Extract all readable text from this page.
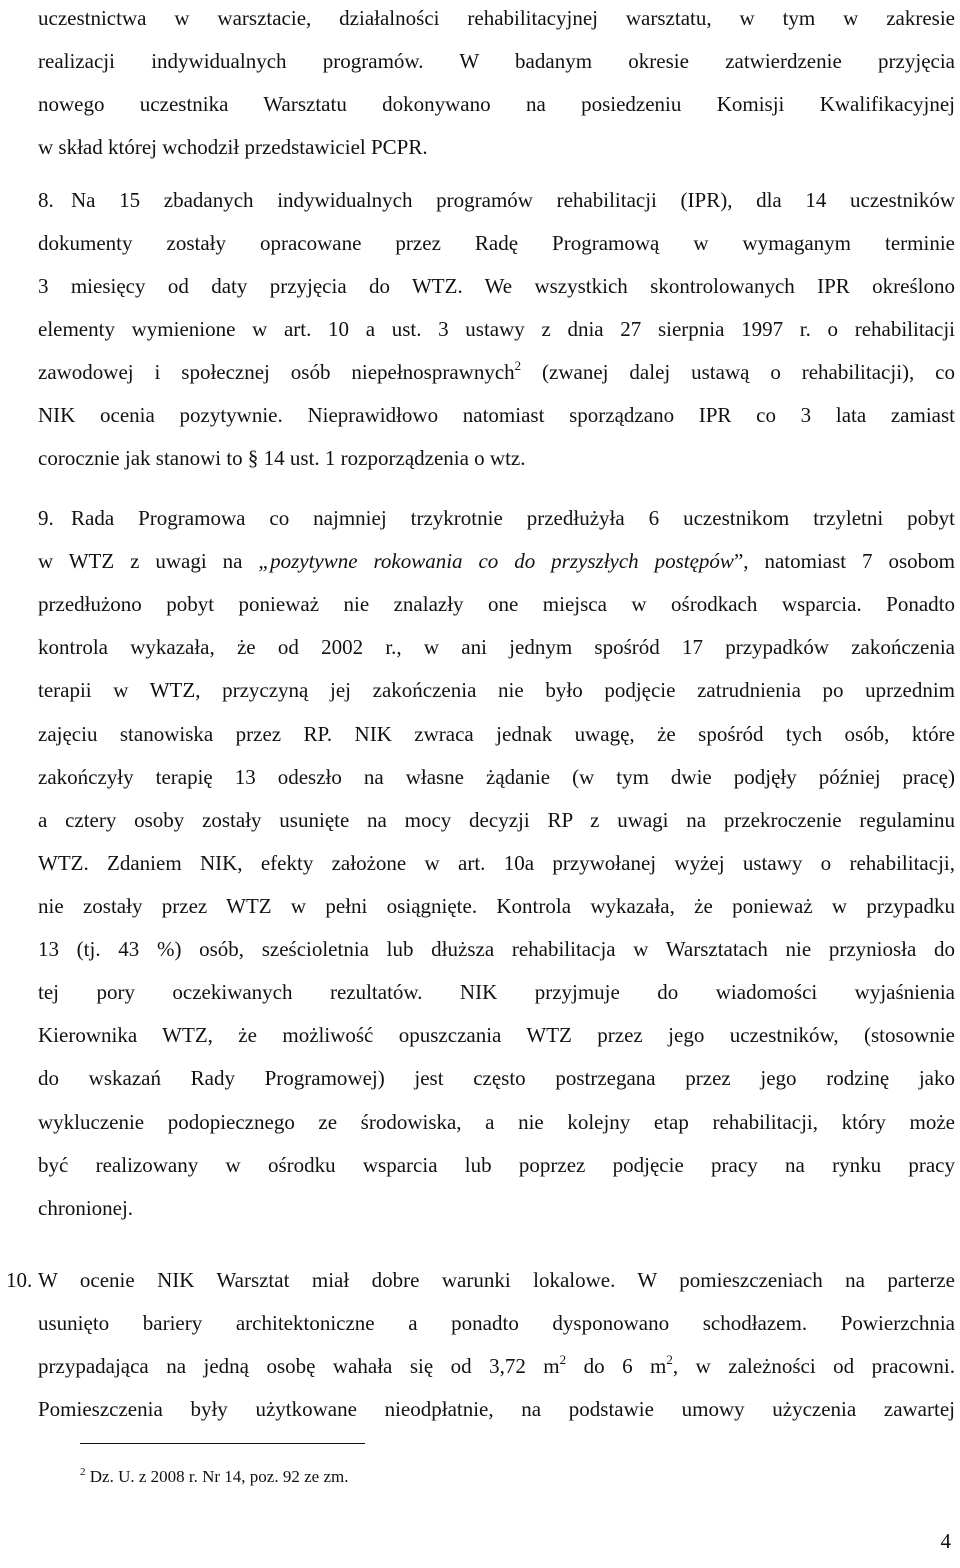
uczestnictwa w warsztacie, działalności rehabilitacyjnej warsztatu, w tym w zakresie

realizacji indywidualnych programów. W badanym okresie zatwierdzenie przyjęcia

nowego uczestnika Warsztatu dokonywano na posiedzeniu Komisji Kwalifikacyjnej

w skład której wchodził przedstawiciel PCPR.

8. Na 15 zbadanych indywidualnych programów rehabilitacji (IPR), dla 14 uczestników

dokumenty zostały opracowane przez Radę Programową w wymaganym terminie

3 miesięcy od daty przyjęcia do WTZ. We wszystkich skontrolowanych IPR określono

elementy wymienione w art. 10 a ust. 3 ustawy z dnia 27 sierpnia 1997 r. o rehabilitacji

zawodowej i społecznej osób niepełnosprawnych$^2$ (zwanej dalej ustawą o rehabilitacji), co

NIK ocenia pozytywnie. Nieprawidłowo natomiast sporządzano IPR co 3 lata zamiast

corocznie jak stanowi to § 14 ust. 1 rozporządzenia o wtz.

9. Rada Programowa co najmniej trzykrotnie przedłużyła 6 uczestnikom trzyletni pobyt

w WTZ z uwagi na „pozytywne rokowania co do przyszłych postępów”, natomiast 7 osobom

przedłużono pobyt ponieważ nie znalazły one miejsca w ośrodkach wsparcia. Ponadto

kontrola wykazała, że od 2002 r., w ani jednym spośród 17 przypadków zakończenia

terapii w WTZ, przyczyną jej zakończenia nie było podjęcie zatrudnienia po uprzednim

zajęciu stanowiska przez RP. NIK zwraca jednak uwagę, że spośród tych osób, które

zakończyły terapię 13 odeszło na własne żądanie (w tym dwie podjęły później pracę)

a cztery osoby zostały usunięte na mocy decyzji RP z uwagi na przekroczenie regulaminu

WTZ. Zdaniem NIK, efekty założone w art. 10a przywołanej wyżej ustawy o rehabilitacji,

nie zostały przez WTZ w pełni osiągnięte. Kontrola wykazała, że ponieważ w przypadku

13 (tj. 43 %) osób, sześcioletnia lub dłuższa rehabilitacja w Warsztatach nie przyniosła do

tej pory oczekiwanych rezultatów. NIK przyjmuje do wiadomości wyjaśnienia

Kierownika WTZ, że możliwość opuszczania WTZ przez jego uczestników, (stosownie

do wskazań Rady Programowej) jest często postrzegana przez jego rodzinę jako

wykluczenie podopiecznego ze środowiska, a nie kolejny etap rehabilitacji, który może

być realizowany w ośrodku wsparcia lub poprzez podjęcie pracy na rynku pracy

chronionej.

10. W ocenie NIK Warsztat miał dobre warunki lokalowe. W pomieszczeniach na parterze

usunięto bariery architektoniczne a ponadto dysponowano schodłazem. Powierzchnia

przypadająca na jedną osobę wahała się od 3,72 $m^2$ do 6 $m^2$, w zależności od pracowni.

Pomieszczenia były użytkowane nieodpłatnie, na podstawie umowy użyczenia zawartej

$^2$ Dz. U. z 2008 r. Nr 14, poz. 92 ze zm.

4
